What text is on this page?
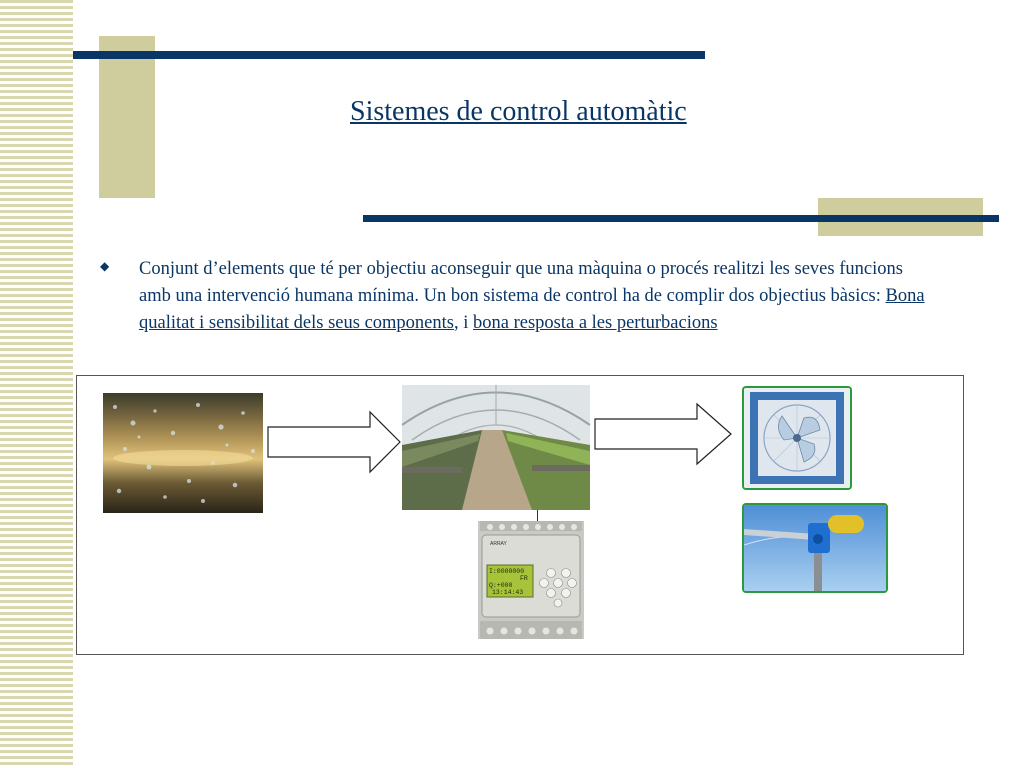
Sistemes de control automàtic
◆ Conjunt d’elements que té per objectiu aconseguir que una màquina o procés realitzi les seves funcions amb una intervenció humana mínima. Un bon sistema de control ha de complir dos objectius bàsics: Bona qualitat i sensibilitat dels seus components, i bona resposta a les perturbacions
ARRAY
I:0000000
FR
Q:+000
13:14:43
